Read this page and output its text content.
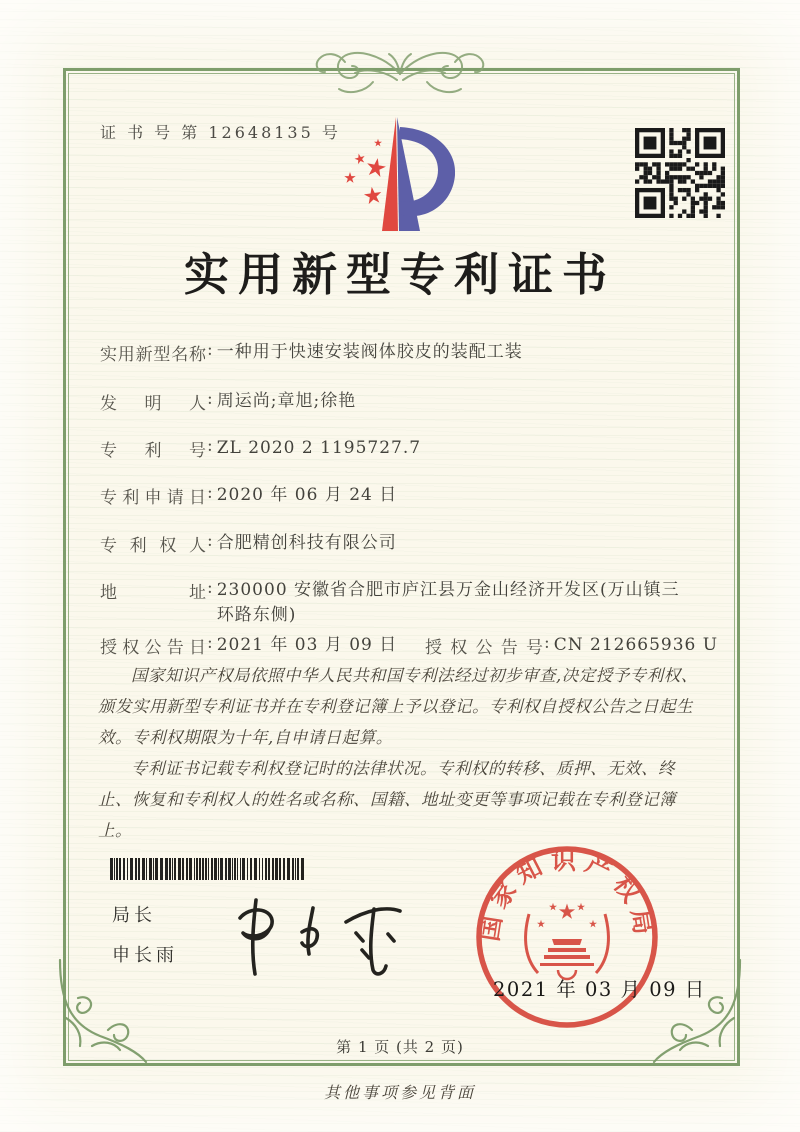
证 书 号 第 12648135 号
实用新型专利证书
实用新型名称: 一种用于快速安装阀体胶皮的装配工装
发明人: 周运尚;章旭;徐艳
专利号: ZL 2020 2 1195727.7
专利申请日: 2020 年 06 月 24 日
专利权人: 合肥精创科技有限公司
地址: 230000 安徽省合肥市庐江县万金山经济开发区(万山镇三环路东侧)
授权公告日: 2021 年 03 月 09 日 授权公告号: CN 212665936 U

国家知识产权局依照中华人民共和国专利法经过初步审查,决定授予专利权、颁发实用新型专利证书并在专利登记簿上予以登记。专利权自授权公告之日起生效。专利权期限为十年,自申请日起算。

专利证书记载专利权登记时的法律状况。专利权的转移、质押、无效、终止、恢复和专利权人的姓名或名称、国籍、地址变更等事项记载在专利登记簿上。

局长
申长雨
国家知识产权局
2021 年 03 月 09 日
第 1 页 (共 2 页)
其他事项参见背面
